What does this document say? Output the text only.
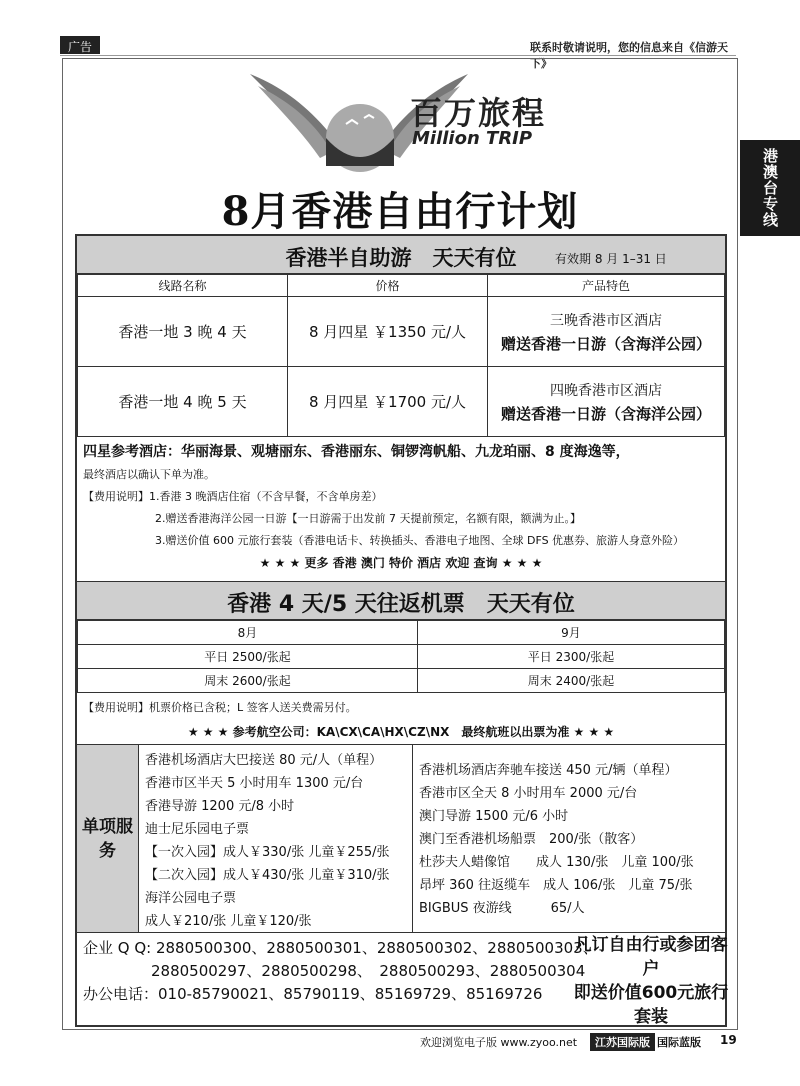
广告	联系时敬请说明，您的信息来自《信游天下》
港澳台专线
百万旅程
Million TRIP
8月香港自由行计划
香港半自助游　天天有位	有效期 8 月 1–31 日
线路名称	价格	产品特色
香港一地 3 晚 4 天	8 月四星 ￥1350 元/人	三晚香港市区酒店
赠送香港一日游（含海洋公园）

香港一地 4 晚 5 天	8 月四星 ￥1700 元/人	四晚香港市区酒店
赠送香港一日游（含海洋公园）
四星参考酒店：华丽海景、观塘丽东、香港丽东、铜锣湾帆船、九龙珀丽、8 度海逸等，
最终酒店以确认下单为准。
【费用说明】1.香港 3 晚酒店住宿（不含早餐，不含单房差）
2.赠送香港海洋公园一日游【一日游需于出发前 7 天提前预定，名额有限，额满为止。】
3.赠送价值 600 元旅行套装（香港电话卡、转换插头、香港电子地图、全球 DFS 优惠券、旅游人身意外险）
★ ★ ★ 更多 香港 澳门 特价 酒店 欢迎 查询 ★ ★ ★
香港 4 天/5 天往返机票　天天有位
8月	9月
平日 2500/张起	平日 2300/张起
周末 2600/张起	周末 2400/张起
【费用说明】机票价格已含税；L 签客人送关费需另付。
★ ★ ★ 参考航空公司：KA\CX\CA\HX\CZ\NX　最终航班以出票为准 ★ ★ ★
单项服务
香港机场酒店大巴接送 80 元/人（单程）
香港市区半天 5 小时用车 1300 元/台
香港导游 1200 元/8 小时
迪士尼乐园电子票
【一次入园】成人￥330/张 儿童￥255/张
【二次入园】成人￥430/张 儿童￥310/张
海洋公园电子票
成人￥210/张 儿童￥120/张
香港机场酒店奔驰车接送 450 元/辆（单程）
香港市区全天 8 小时用车 2000 元/台
澳门导游 1500 元/6 小时
澳门至香港机场船票　200/张（散客）
杜莎夫人蜡像馆　　成人 130/张　儿童 100/张
昂坪 360 往返缆车　成人 106/张　儿童 75/张
BIGBUS 夜游线　　　65/人
企业 Q Q: 2880500300、2880500301、2880500302、2880500303、
2880500297、2880500298、　2880500293、2880500304
办公电话：010-85790021、85790119、85169729、85169726
凡订自由行或参团客户
即送价值600元旅行套装
欢迎浏览电子版 www.zyoo.net	江苏国际版 国际蓝版 19
